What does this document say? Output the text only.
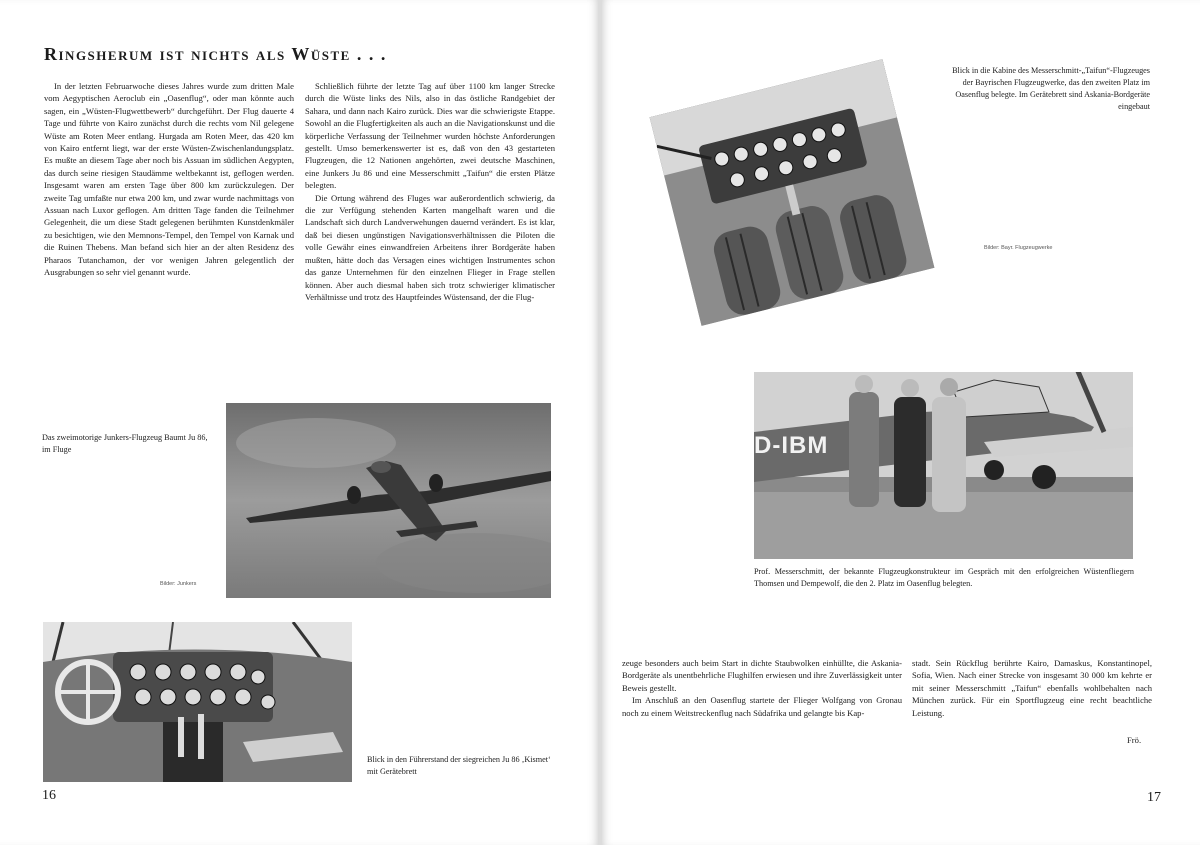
Ringsherum ist nichts als Wüste . . .

In der letzten Februarwoche dieses Jahres wurde zum dritten Male vom Aegyptischen Aeroclub ein „Oasenflug“, oder man könnte auch sagen, ein „Wüsten-Flugwettbewerb“ durchgeführt. Der Flug dauerte 4 Tage und führte von Kairo zunächst durch die rechts vom Nil gelegene Wüste am Roten Meer entlang. Hurgada am Roten Meer, das 420 km von Kairo entfernt liegt, war der erste Wüsten-Zwischenlandungsplatz. Es mußte an diesem Tage aber noch bis Assuan im südlichen Aegypten, das durch seine riesigen Staudämme weltbekannt ist, geflogen werden. Insgesamt waren am ersten Tage über 800 km zurückzulegen. Der zweite Tag umfaßte nur etwa 200 km, und zwar wurde nachmittags von Assuan nach Luxor geflogen. Am dritten Tage fanden die Teilnehmer Gelegenheit, die um diese Stadt gelegenen berühmten Kunstdenkmäler zu besichtigen, wie den Memnons-Tempel, den Tempel von Karnak und die Ruinen Thebens. Man befand sich hier an der alten Residenz des Pharaos Tutanchamon, der vor wenigen Jahren gelegentlich der Ausgrabungen so sehr viel genannt wurde.

Schließlich führte der letzte Tag auf über 1100 km langer Strecke durch die Wüste links des Nils, also in das östliche Randgebiet der Sahara, und dann nach Kairo zurück. Dies war die schwierigste Etappe. Sowohl an die Flugfertigkeiten als auch an die Navigationskunst und die körperliche Verfassung der Teilnehmer wurden höchste Anforderungen gestellt. Umso bemerkenswerter ist es, daß von den 43 gestarteten Flugzeugen, die 12 Nationen angehörten, zwei deutsche Maschinen, eine Junkers Ju 86 und eine Messerschmitt „Taifun“ die ersten Plätze belegten.

Die Ortung während des Fluges war außerordentlich schwierig, da die zur Verfügung stehenden Karten mangelhaft waren und die Landschaft sich durch Landverwehungen dauernd verändert. Es ist klar, daß bei diesen ungünstigen Navigationsverhältnissen die Piloten die volle Gewähr eines einwandfreien Arbeitens ihrer Bordgeräte haben mußten, hätte doch das Versagen eines wichtigen Instrumentes schon das ganze Unternehmen für den einzelnen Flieger in Frage stellen können. Aber auch diesmal haben sich trotz schwieriger klimatischer Verhältnisse und trotz des Hauptfeindes Wüstensand, der die Flug-

Das zweimotorige Junkers-Flugzeug Baumt Ju 86, im Fluge
Bilder: Junkers
Blick in den Führerstand der siegreichen Ju 86 ‚Kismet‘ mit Gerätebrett
16
Blick in die Kabine des Messerschmitt-„Taifun“-Flugzeuges der Bayrischen Flugzeugwerke, das den zweiten Platz im Oasenflug belegte. Im Gerätebrett sind Askania-Bordgeräte eingebaut
Bilder: Bayr. Flugzeugwerke
D-IBM
Prof. Messerschmitt, der bekannte Flugzeugkonstrukteur im Gespräch mit den erfolgreichen Wüstenfliegern Thomsen und Dempewolf, die den 2. Platz im Oasenflug belegten.

zeuge besonders auch beim Start in dichte Staubwolken einhüllte, die Askania-Bordgeräte als unentbehrliche Flughilfen erwiesen und ihre Zuverlässigkeit unter Beweis gestellt.

Im Anschluß an den Oasenflug startete der Flieger Wolfgang von Gronau noch zu einem Weitstreckenflug nach Südafrika und gelangte bis Kap-

stadt. Sein Rückflug berührte Kairo, Damaskus, Konstantinopel, Sofia, Wien. Nach einer Strecke von insgesamt 30 000 km kehrte er mit seiner Messerschmitt „Taifun“ ebenfalls wohlbehalten nach München zurück. Für ein Sportflugzeug eine recht beachtliche Leistung.

Frö.
17
